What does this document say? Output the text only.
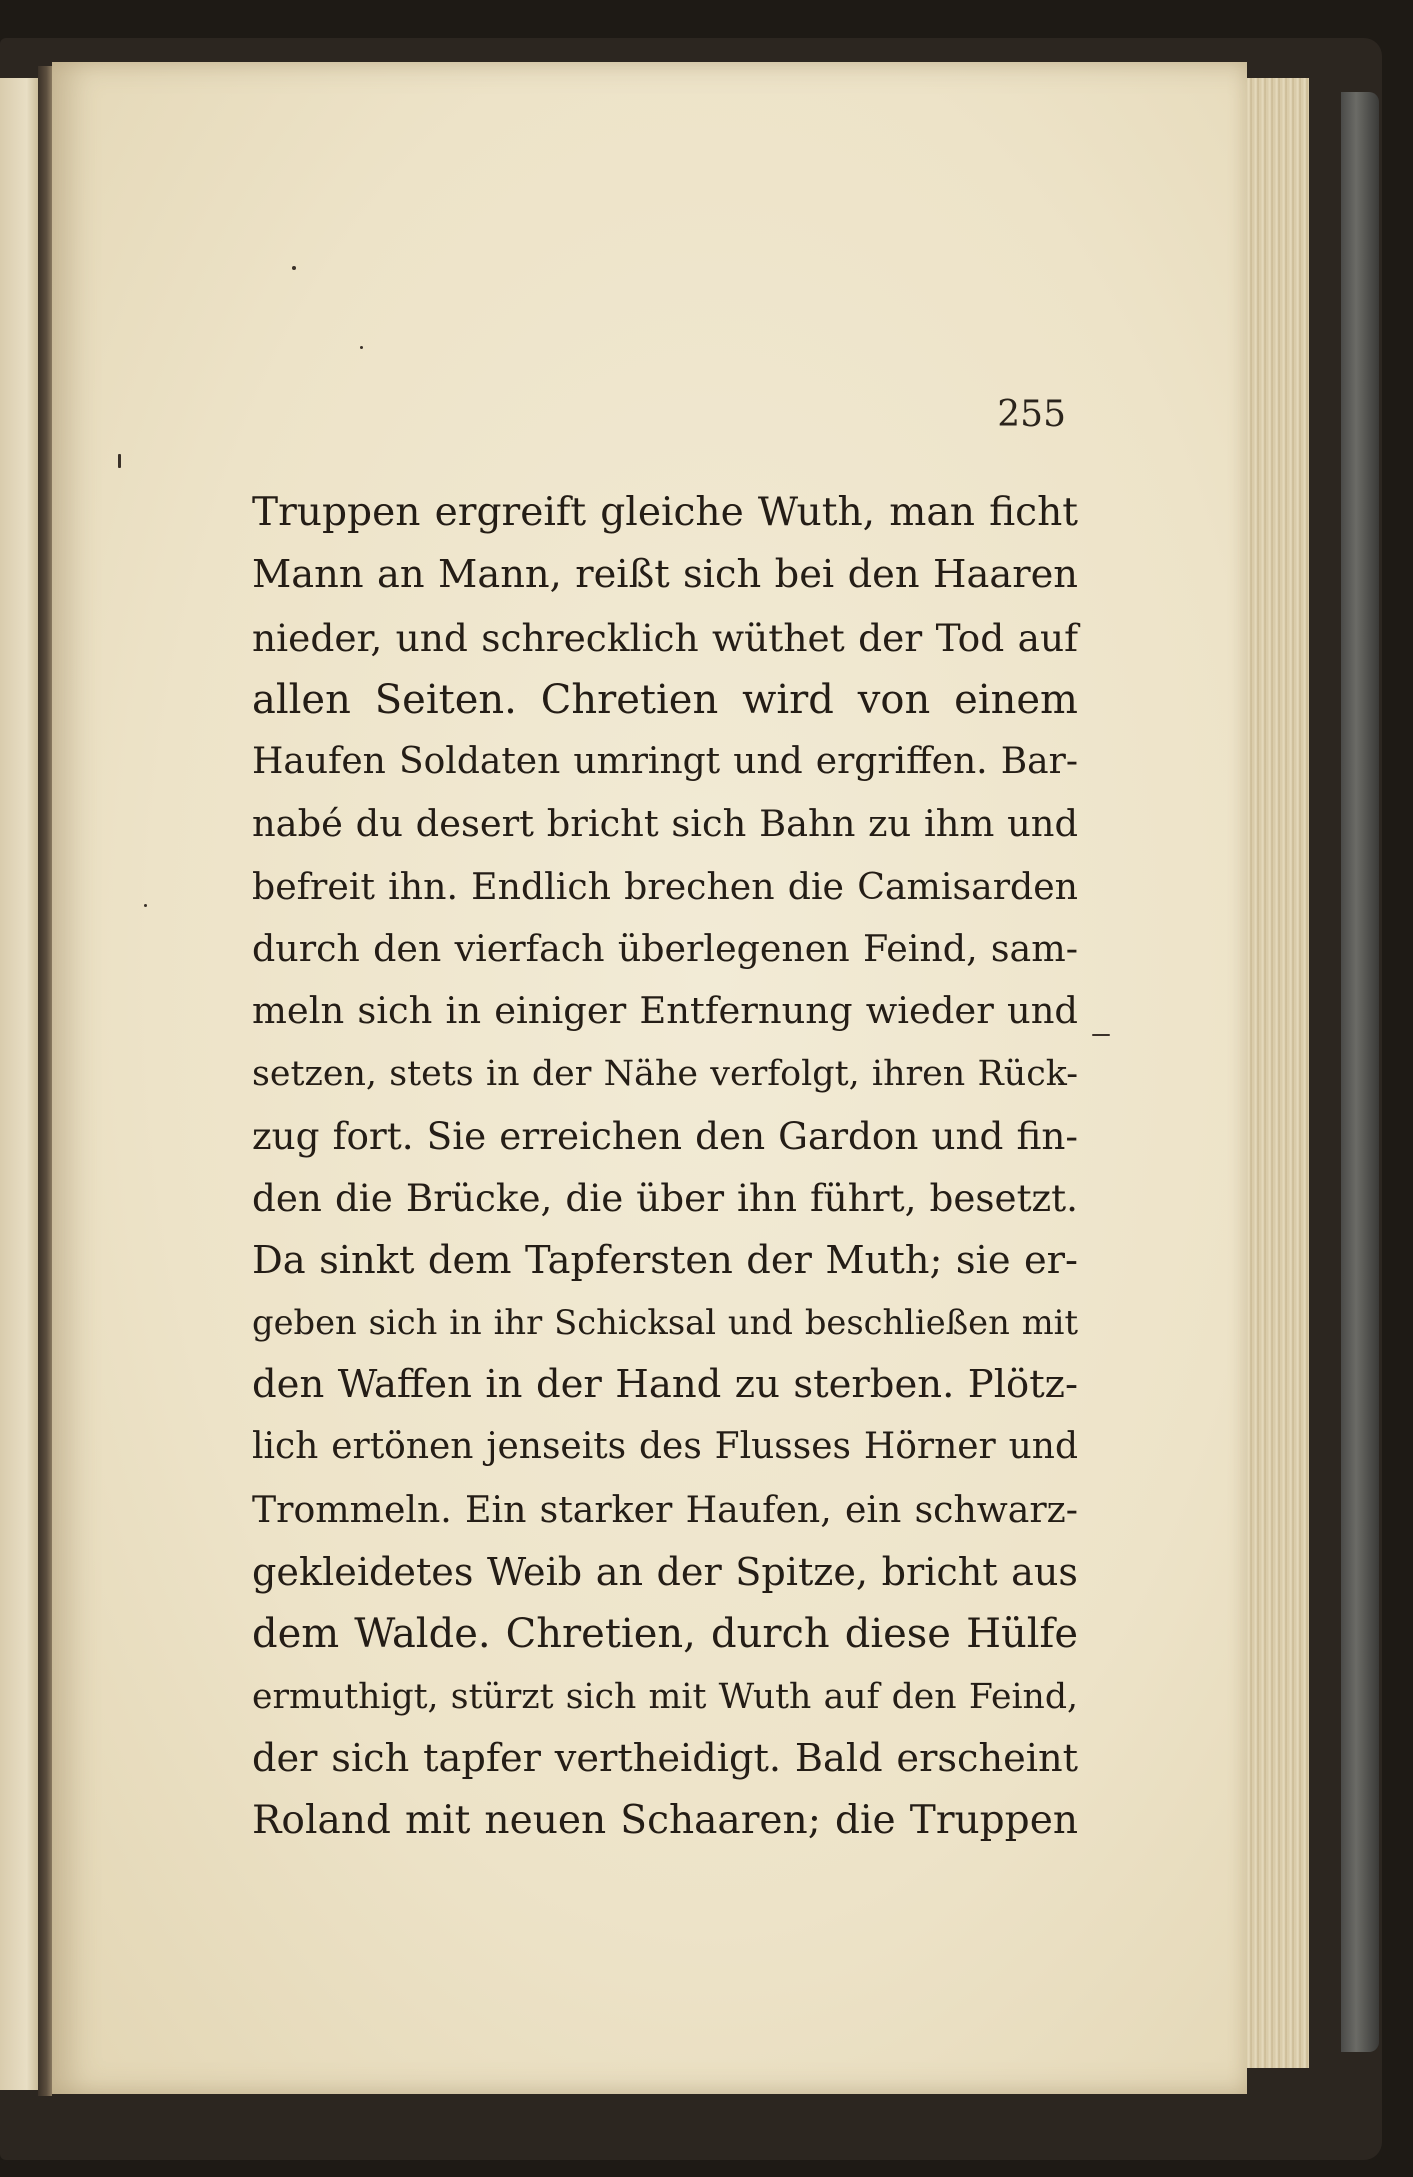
255

Truppen ergreift gleiche Wuth, man ficht
Mann an Mann, reißt sich bei den Haaren
nieder, und schrecklich wüthet der Tod auf
allen Seiten. Chretien wird von einem
Haufen Soldaten umringt und ergriffen. Bar-
nabé du desert bricht sich Bahn zu ihm und
befreit ihn. Endlich brechen die Camisarden
durch den vierfach überlegenen Feind, sam-
meln sich in einiger Entfernung wieder und
setzen, stets in der Nähe verfolgt, ihren Rück-
zug fort. Sie erreichen den Gardon und fin-
den die Brücke, die über ihn führt, besetzt.
Da sinkt dem Tapfersten der Muth; sie er-
geben sich in ihr Schicksal und beschließen mit
den Waffen in der Hand zu sterben. Plötz-
lich ertönen jenseits des Flusses Hörner und
Trommeln. Ein starker Haufen, ein schwarz-
gekleidetes Weib an der Spitze, bricht aus
dem Walde. Chretien, durch diese Hülfe
ermuthigt, stürzt sich mit Wuth auf den Feind,
der sich tapfer vertheidigt. Bald erscheint
Roland mit neuen Schaaren; die Truppen
